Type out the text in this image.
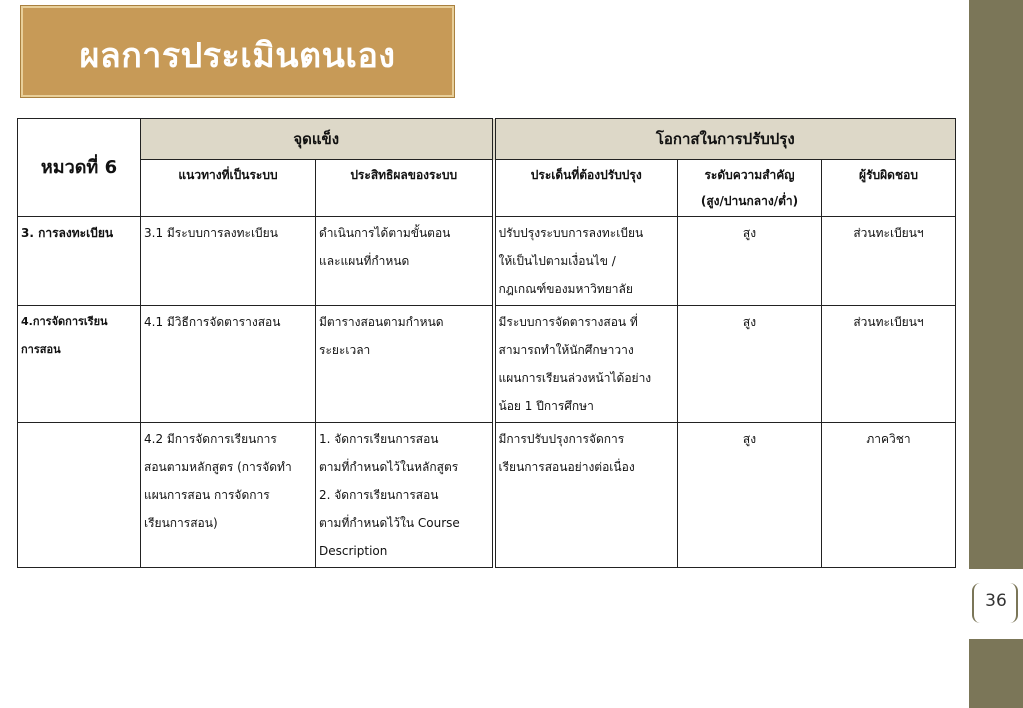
ผลการประเมินตนเอง
36
หมวดที่ 6	จุดแข็ง		โอกาสในการปรับปรุง		
	แนวทางที่เป็นระบบ	ประสิทธิผลของระบบ	ประเด็นที่ต้องปรับปรุง	ระดับความสำคัญ
(สูง/ปานกลาง/ต่ำ)	ผู้รับผิดชอบ
3. การลงทะเบียน	3.1 มีระบบการลงทะเบียน	ดำเนินการได้ตามขั้นตอน
และแผนที่กำหนด	ปรับปรุงระบบการลงทะเบียน
ให้เป็นไปตามเงื่อนไข /
กฎเกณฑ์ของมหาวิทยาลัย	สูง	ส่วนทะเบียนฯ

4.การจัดการเรียน
การสอน	4.1 มีวิธีการจัดตารางสอน	มีตารางสอนตามกำหนด
ระยะเวลา	มีระบบการจัดตารางสอน ที่
สามารถทำให้นักศึกษาวาง
แผนการเรียนล่วงหน้าได้อย่าง
น้อย 1 ปีการศึกษา	สูง	ส่วนทะเบียนฯ

	4.2 มีการจัดการเรียนการ
สอนตามหลักสูตร (การจัดทำ
แผนการสอน การจัดการ
เรียนการสอน)	1. จัดการเรียนการสอน
ตามที่กำหนดไว้ในหลักสูตร
2. จัดการเรียนการสอน
ตามที่กำหนดไว้ใน Course
Description	มีการปรับปรุงการจัดการ
เรียนการสอนอย่างต่อเนื่อง	สูง	ภาควิชา
